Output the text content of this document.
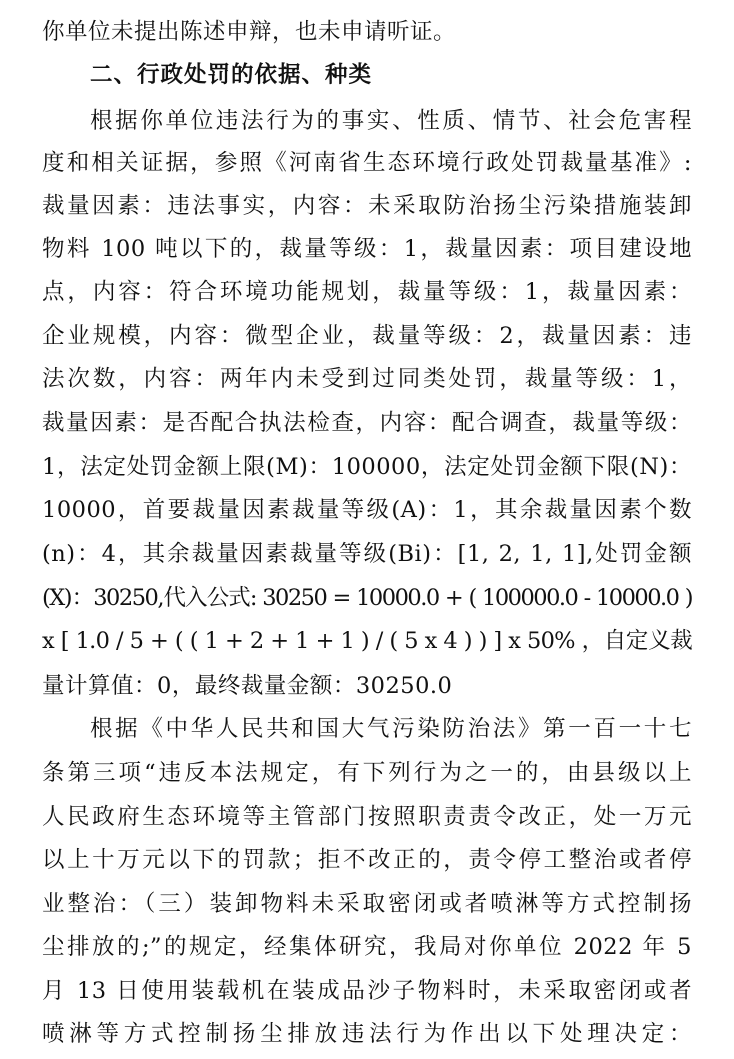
你单位未提出陈述申辩，也未申请听证。
二、行政处罚的依据、种类
根据你单位违法行为的事实、性质、情节、社会危害程
度和相关证据，参照《河南省生态环境行政处罚裁量基准》:
裁量因素：违法事实，内容：未采取防治扬尘污染措施装卸
物料 100 吨以下的，裁量等级：1，裁量因素：项目建设地
点，内容：符合环境功能规划，裁量等级：1，裁量因素：
企业规模，内容：微型企业，裁量等级：2，裁量因素：违
法次数，内容：两年内未受到过同类处罚，裁量等级：1，
裁量因素：是否配合执法检查，内容：配合调查，裁量等级：
1，法定处罚金额上限(M)：100000，法定处罚金额下限(N)：
10000，首要裁量因素裁量等级(A)：1，其余裁量因素个数
(n)：4，其余裁量因素裁量等级(Bi)：[1, 2, 1, 1],处罚金额
(X)：30250,代入公式: 30250 = 10000.0 + ( 100000.0 - 10000.0 )
x [ 1.0 / 5 + ( ( 1 + 2 + 1 + 1 ) / ( 5 x 4 ) ) ] x 50% ，自定义裁
量计算值：0，最终裁量金额：30250.0
根据《中华人民共和国大气污染防治法》第一百一十七
条第三项“违反本法规定，有下列行为之一的，由县级以上
人民政府生态环境等主管部门按照职责责令改正，处一万元
以上十万元以下的罚款；拒不改正的，责令停工整治或者停
业整治：（三）装卸物料未采取密闭或者喷淋等方式控制扬
尘排放的;”的规定，经集体研究，我局对你单位 2022 年 5
月 13 日使用装载机在装成品沙子物料时，未采取密闭或者
喷淋等方式控制扬尘排放违法行为作出以下处理决定：
